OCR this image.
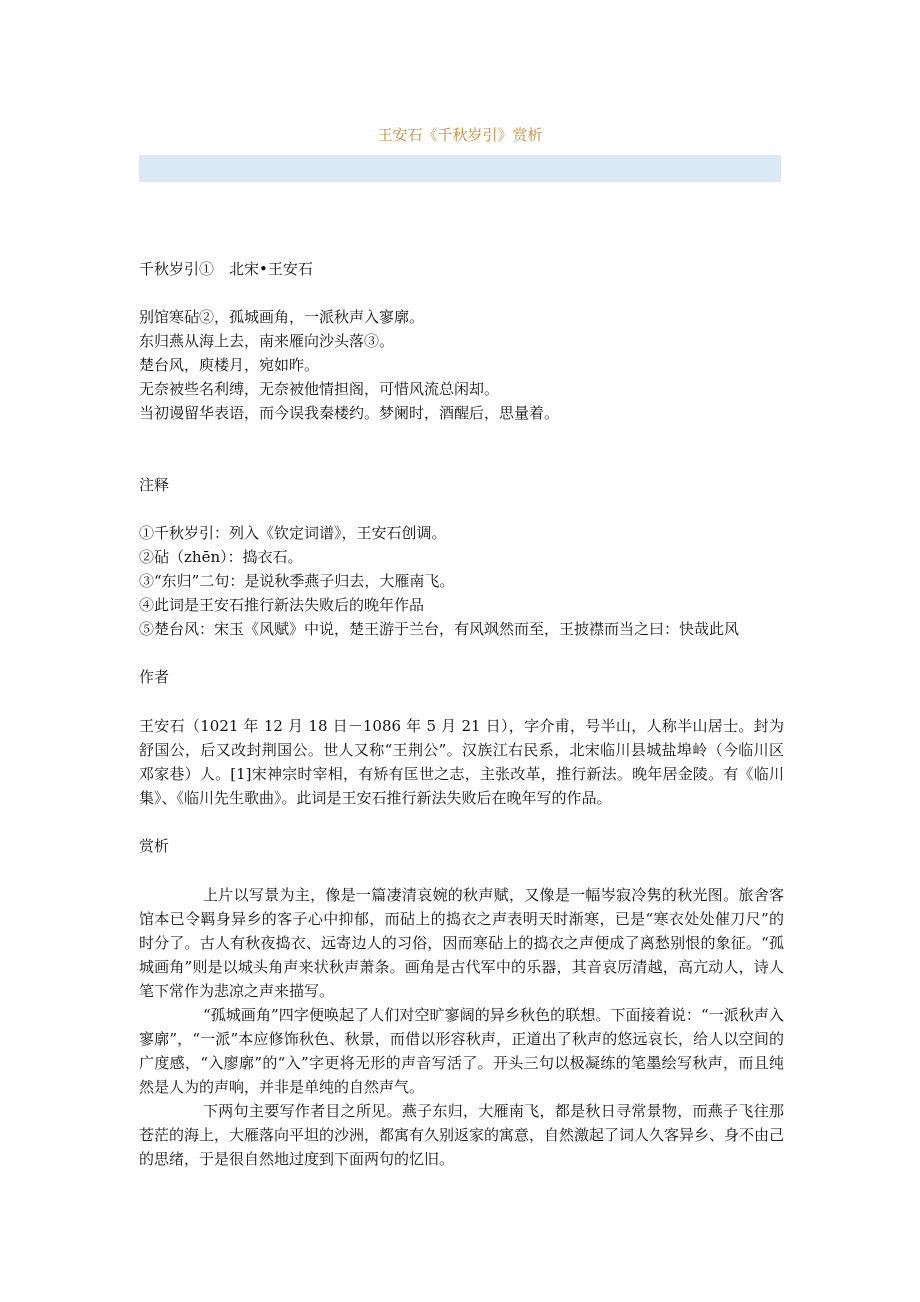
王安石《千秋岁引》赏析
千秋岁引①　北宋•王安石
别馆寒砧②，孤城画角，一派秋声入寥廓。
东归燕从海上去，南来雁向沙头落③。
楚台风，庾楼月，宛如昨。
无奈被些名利缚，无奈被他情担阁，可惜风流总闲却。
当初谩留华表语，而今误我秦楼约。梦阑时，酒醒后，思量着。
注释
①千秋岁引：列入《钦定词谱》，王安石创调。
②砧（zhēn）：捣衣石。
③“东归”二句：是说秋季燕子归去，大雁南飞。
④此词是王安石推行新法失败后的晚年作品
⑤楚台风：宋玉《风赋》中说，楚王游于兰台，有风飒然而至，王披襟而当之曰：快哉此风
作者
王安石（1021 年 12 月 18 日－1086 年 5 月 21 日），字介甫，号半山，人称半山居士。封为舒国公，后又改封荆国公。世人又称“王荆公”。汉族江右民系，北宋临川县城盐埠岭（今临川区邓家巷）人。[1]宋神宗时宰相，有矫有匡世之志，主张改革，推行新法。晚年居金陵。有《临川集》、《临川先生歌曲》。此词是王安石推行新法失败后在晚年写的作品。
赏析

上片以写景为主，像是一篇凄清哀婉的秋声赋，又像是一幅岑寂冷隽的秋光图。旅舍客馆本已令羁身异乡的客子心中抑郁，而砧上的捣衣之声表明天时渐寒，已是“寒衣处处催刀尺”的时分了。古人有秋夜捣衣、远寄边人的习俗，因而寒砧上的捣衣之声便成了离愁别恨的象征。“孤城画角”则是以城头角声来状秋声萧条。画角是古代军中的乐器，其音哀厉清越，高亢动人，诗人笔下常作为悲凉之声来描写。

“孤城画角”四字便唤起了人们对空旷寥阔的异乡秋色的联想。下面接着说：“一派秋声入寥廓”，“一派”本应修饰秋色、秋景，而借以形容秋声，正道出了秋声的悠远哀长，给人以空间的广度感，“入廖廓”的“入”字更将无形的声音写活了。开头三句以极凝练的笔墨绘写秋声，而且纯然是人为的声响，并非是单纯的自然声气。

下两句主要写作者目之所见。燕子东归，大雁南飞，都是秋日寻常景物，而燕子飞往那苍茫的海上，大雁落向平坦的沙洲，都寓有久别返家的寓意，自然激起了词人久客异乡、身不由己的思绪，于是很自然地过度到下面两句的忆旧。
